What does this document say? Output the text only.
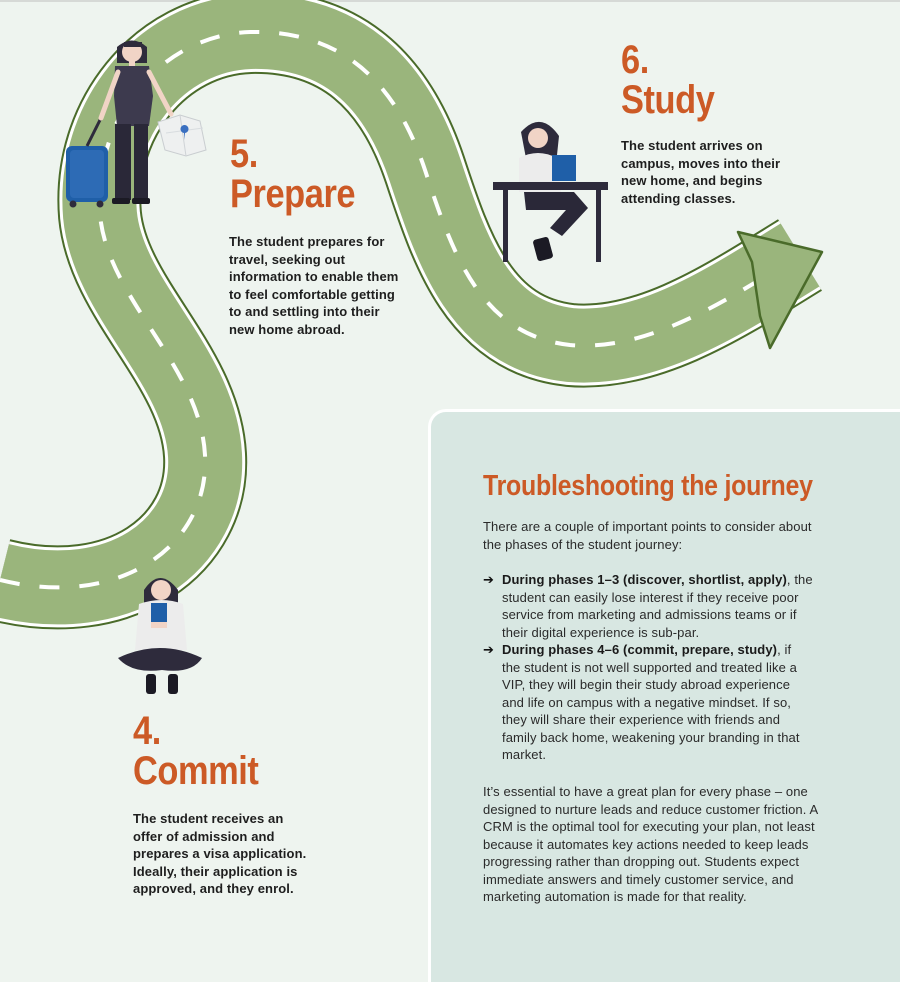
6.
Study

The student arrives on campus, moves into their new home, and begins attending classes.

5.
Prepare

The student prepares for travel, seeking out information to enable them to feel comfortable getting to and settling into their new home abroad.

4.
Commit

The student receives an offer of admission and prepares a visa application. Ideally, their application is approved, and they enrol.

Troubleshooting the journey

There are a couple of important points to consider about the phases of the student journey:

➔ During phases 1–3 (discover, shortlist, apply), the student can easily lose interest if they receive poor service from marketing and admissions teams or if their digital experience is sub-par.
➔ During phases 4–6 (commit, prepare, study), if the student is not well supported and treated like a VIP, they will begin their study abroad experience and life on campus with a negative mindset. If so, they will share their experience with friends and family back home, weakening your branding in that market.

It’s essential to have a great plan for every phase – one designed to nurture leads and reduce customer friction. A CRM is the optimal tool for executing your plan, not least because it automates key actions needed to keep leads progressing rather than dropping out. Students expect immediate answers and timely customer service, and marketing automation is made for that reality.
